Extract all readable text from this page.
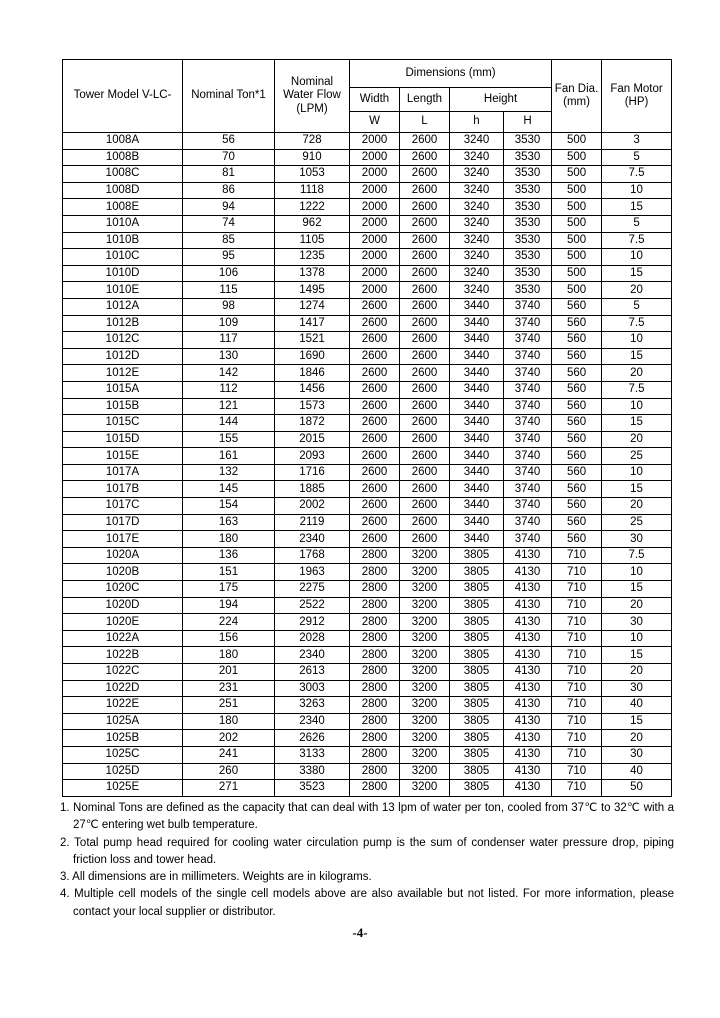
Tower Model V-LC-	Nominal Ton*1	Nominal Water Flow (LPM)	Dimensions (mm)				Fan Dia. (mm)	Fan Motor (HP)
			Width	Length	Height			
			W	L	h	H		
1008A	56	728	2000	2600	3240	3530	500	3
1008B	70	910	2000	2600	3240	3530	500	5
1008C	81	1053	2000	2600	3240	3530	500	7.5
1008D	86	1118	2000	2600	3240	3530	500	10
1008E	94	1222	2000	2600	3240	3530	500	15
1010A	74	962	2000	2600	3240	3530	500	5
1010B	85	1105	2000	2600	3240	3530	500	7.5
1010C	95	1235	2000	2600	3240	3530	500	10
1010D	106	1378	2000	2600	3240	3530	500	15
1010E	115	1495	2000	2600	3240	3530	500	20
1012A	98	1274	2600	2600	3440	3740	560	5
1012B	109	1417	2600	2600	3440	3740	560	7.5
1012C	117	1521	2600	2600	3440	3740	560	10
1012D	130	1690	2600	2600	3440	3740	560	15
1012E	142	1846	2600	2600	3440	3740	560	20
1015A	112	1456	2600	2600	3440	3740	560	7.5
1015B	121	1573	2600	2600	3440	3740	560	10
1015C	144	1872	2600	2600	3440	3740	560	15
1015D	155	2015	2600	2600	3440	3740	560	20
1015E	161	2093	2600	2600	3440	3740	560	25
1017A	132	1716	2600	2600	3440	3740	560	10
1017B	145	1885	2600	2600	3440	3740	560	15
1017C	154	2002	2600	2600	3440	3740	560	20
1017D	163	2119	2600	2600	3440	3740	560	25
1017E	180	2340	2600	2600	3440	3740	560	30
1020A	136	1768	2800	3200	3805	4130	710	7.5
1020B	151	1963	2800	3200	3805	4130	710	10
1020C	175	2275	2800	3200	3805	4130	710	15
1020D	194	2522	2800	3200	3805	4130	710	20
1020E	224	2912	2800	3200	3805	4130	710	30
1022A	156	2028	2800	3200	3805	4130	710	10
1022B	180	2340	2800	3200	3805	4130	710	15
1022C	201	2613	2800	3200	3805	4130	710	20
1022D	231	3003	2800	3200	3805	4130	710	30
1022E	251	3263	2800	3200	3805	4130	710	40
1025A	180	2340	2800	3200	3805	4130	710	15
1025B	202	2626	2800	3200	3805	4130	710	20
1025C	241	3133	2800	3200	3805	4130	710	30
1025D	260	3380	2800	3200	3805	4130	710	40
1025E	271	3523	2800	3200	3805	4130	710	50
1. Nominal Tons are defined as the capacity that can deal with 13 lpm of water per ton, cooled from 37℃ to 32℃ with a 27℃ entering wet bulb temperature.
2. Total pump head required for cooling water circulation pump is the sum of condenser water pressure drop, piping friction loss and tower head.
3. All dimensions are in millimeters. Weights are in kilograms.
4. Multiple cell models of the single cell models above are also available but not listed. For more information, please contact your local supplier or distributor.
-4-
